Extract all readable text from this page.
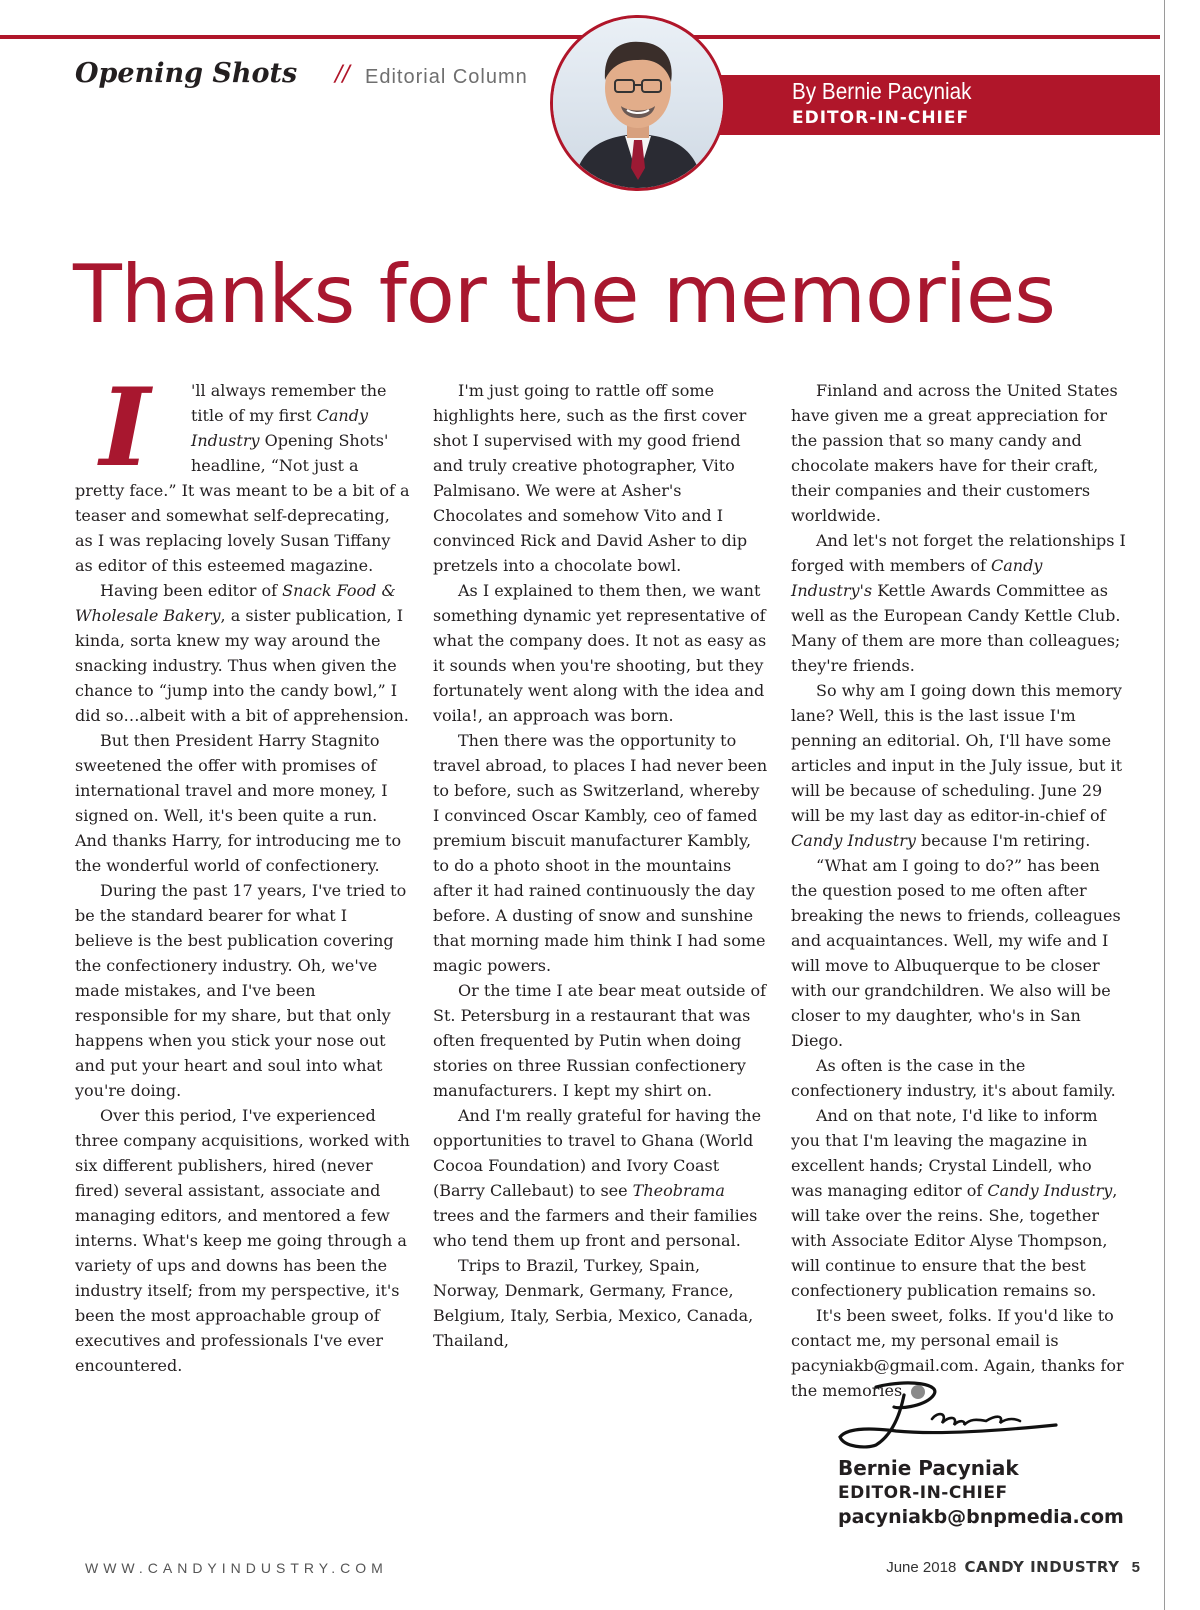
Opening Shots // Editorial Column
By Bernie Pacyniak
EDITOR-IN-CHIEF
Thanks for the memories
I	'll always remember the title of my first Candy Industry Opening Shots' headline, “Not just a pretty face.” It was meant to be a bit of a teaser and somewhat self-deprecating, as I was replacing lovely Susan Tiffany as editor of this esteemed magazine.

Having been editor of Snack Food & Wholesale Bakery, a sister publication, I kinda, sorta knew my way around the snacking industry. Thus when given the chance to “jump into the candy bowl,” I did so…albeit with a bit of apprehension.

But then President Harry Stagnito sweetened the offer with promises of international travel and more money, I signed on. Well, it's been quite a run. And thanks Harry, for introducing me to the wonderful world of confectionery.

During the past 17 years, I've tried to be the standard bearer for what I believe is the best publication covering the confectionery industry. Oh, we've made mistakes, and I've been responsible for my share, but that only happens when you stick your nose out and put your heart and soul into what you're doing.

Over this period, I've experienced three company acquisitions, worked with six different publishers, hired (never fired) several assistant, associate and managing editors, and mentored a few interns. What's keep me going through a variety of ups and downs has been the industry itself; from my perspective, it's been the most approachable group of executives and professionals I've ever encountered.

I'm just going to rattle off some highlights here, such as the first cover shot I supervised with my good friend and truly creative photographer, Vito Palmisano. We were at Asher's Chocolates and somehow Vito and I convinced Rick and David Asher to dip pretzels into a chocolate bowl.

As I explained to them then, we want something dynamic yet representative of what the company does. It not as easy as it sounds when you're shooting, but they fortunately went along with the idea and voila!, an approach was born.

Then there was the opportunity to travel abroad, to places I had never been to before, such as Switzerland, whereby I convinced Oscar Kambly, ceo of famed premium biscuit manufacturer Kambly, to do a photo shoot in the mountains after it had rained continuously the day before. A dusting of snow and sunshine that morning made him think I had some magic powers.

Or the time I ate bear meat outside of St. Petersburg in a restaurant that was often frequented by Putin when doing stories on three Russian confectionery manufacturers. I kept my shirt on.

And I'm really grateful for having the opportunities to travel to Ghana (World Cocoa Foundation) and Ivory Coast (Barry Callebaut) to see Theobrama trees and the farmers and their families who tend them up front and personal.

Trips to Brazil, Turkey, Spain, Norway, Denmark, Germany, France, Belgium, Italy, Serbia, Mexico, Canada, Thailand,

Finland and across the United States have given me a great appreciation for the passion that so many candy and chocolate makers have for their craft, their companies and their customers worldwide.

And let's not forget the relationships I forged with members of Candy Industry's Kettle Awards Committee as well as the European Candy Kettle Club. Many of them are more than colleagues; they're friends.

So why am I going down this memory lane? Well, this is the last issue I'm penning an editorial. Oh, I'll have some articles and input in the July issue, but it will be because of scheduling. June 29 will be my last day as editor-in-chief of Candy Industry because I'm retiring.

“What am I going to do?” has been the question posed to me often after breaking the news to friends, colleagues and acquaintances. Well, my wife and I will move to Albuquerque to be closer with our grandchildren. We also will be closer to my daughter, who's in San Diego.

As often is the case in the confectionery industry, it's about family.

And on that note, I'd like to inform you that I'm leaving the magazine in excellent hands; Crystal Lindell, who was managing editor of Candy Industry, will take over the reins. She, together with Associate Editor Alyse Thompson, will continue to ensure that the best confectionery publication remains so.

It's been sweet, folks. If you'd like to contact me, my personal email is pacyniakb@gmail.com. Again, thanks for the memories.	CI

Bernie Pacyniak
EDITOR-IN-CHIEF
pacyniakb@bnpmedia.com
WWW.CANDYINDUSTRY.COM	June 2018 CANDY INDUSTRY 5
